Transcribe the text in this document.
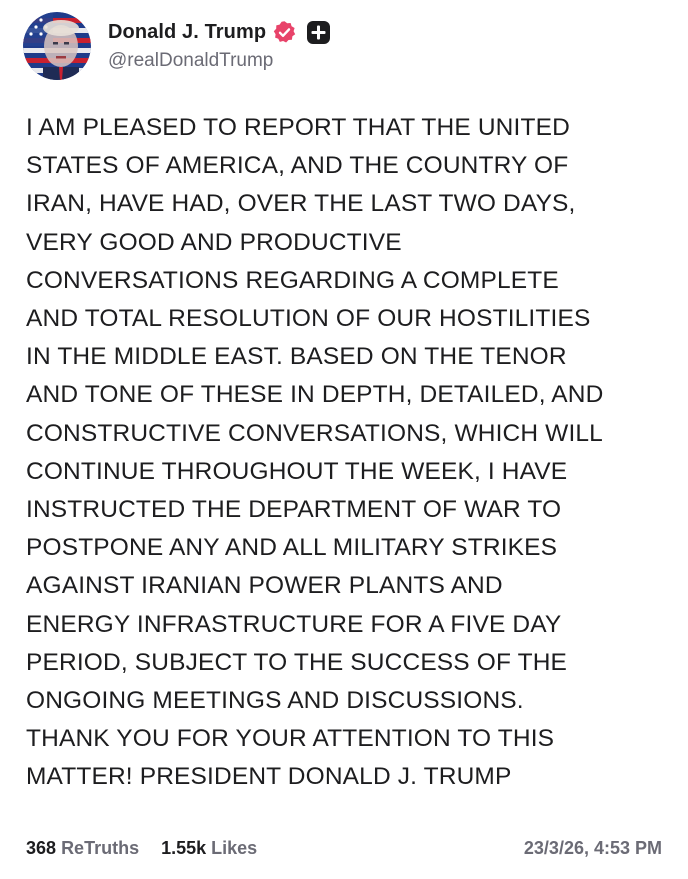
Donald J. Trump
@realDonaldTrump
I AM PLEASED TO REPORT THAT THE UNITED
STATES OF AMERICA, AND THE COUNTRY OF
IRAN, HAVE HAD, OVER THE LAST TWO DAYS,
VERY GOOD AND PRODUCTIVE
CONVERSATIONS REGARDING A COMPLETE
AND TOTAL RESOLUTION OF OUR HOSTILITIES
IN THE MIDDLE EAST. BASED ON THE TENOR
AND TONE OF THESE IN DEPTH, DETAILED, AND
CONSTRUCTIVE CONVERSATIONS, WHICH WILL
CONTINUE THROUGHOUT THE WEEK, I HAVE
INSTRUCTED THE DEPARTMENT OF WAR TO
POSTPONE ANY AND ALL MILITARY STRIKES
AGAINST IRANIAN POWER PLANTS AND
ENERGY INFRASTRUCTURE FOR A FIVE DAY
PERIOD, SUBJECT TO THE SUCCESS OF THE
ONGOING MEETINGS AND DISCUSSIONS.
THANK YOU FOR YOUR ATTENTION TO THIS
MATTER! PRESIDENT DONALD J. TRUMP
368 ReTruths 1.55k Likes	23/3/26, 4:53 PM
